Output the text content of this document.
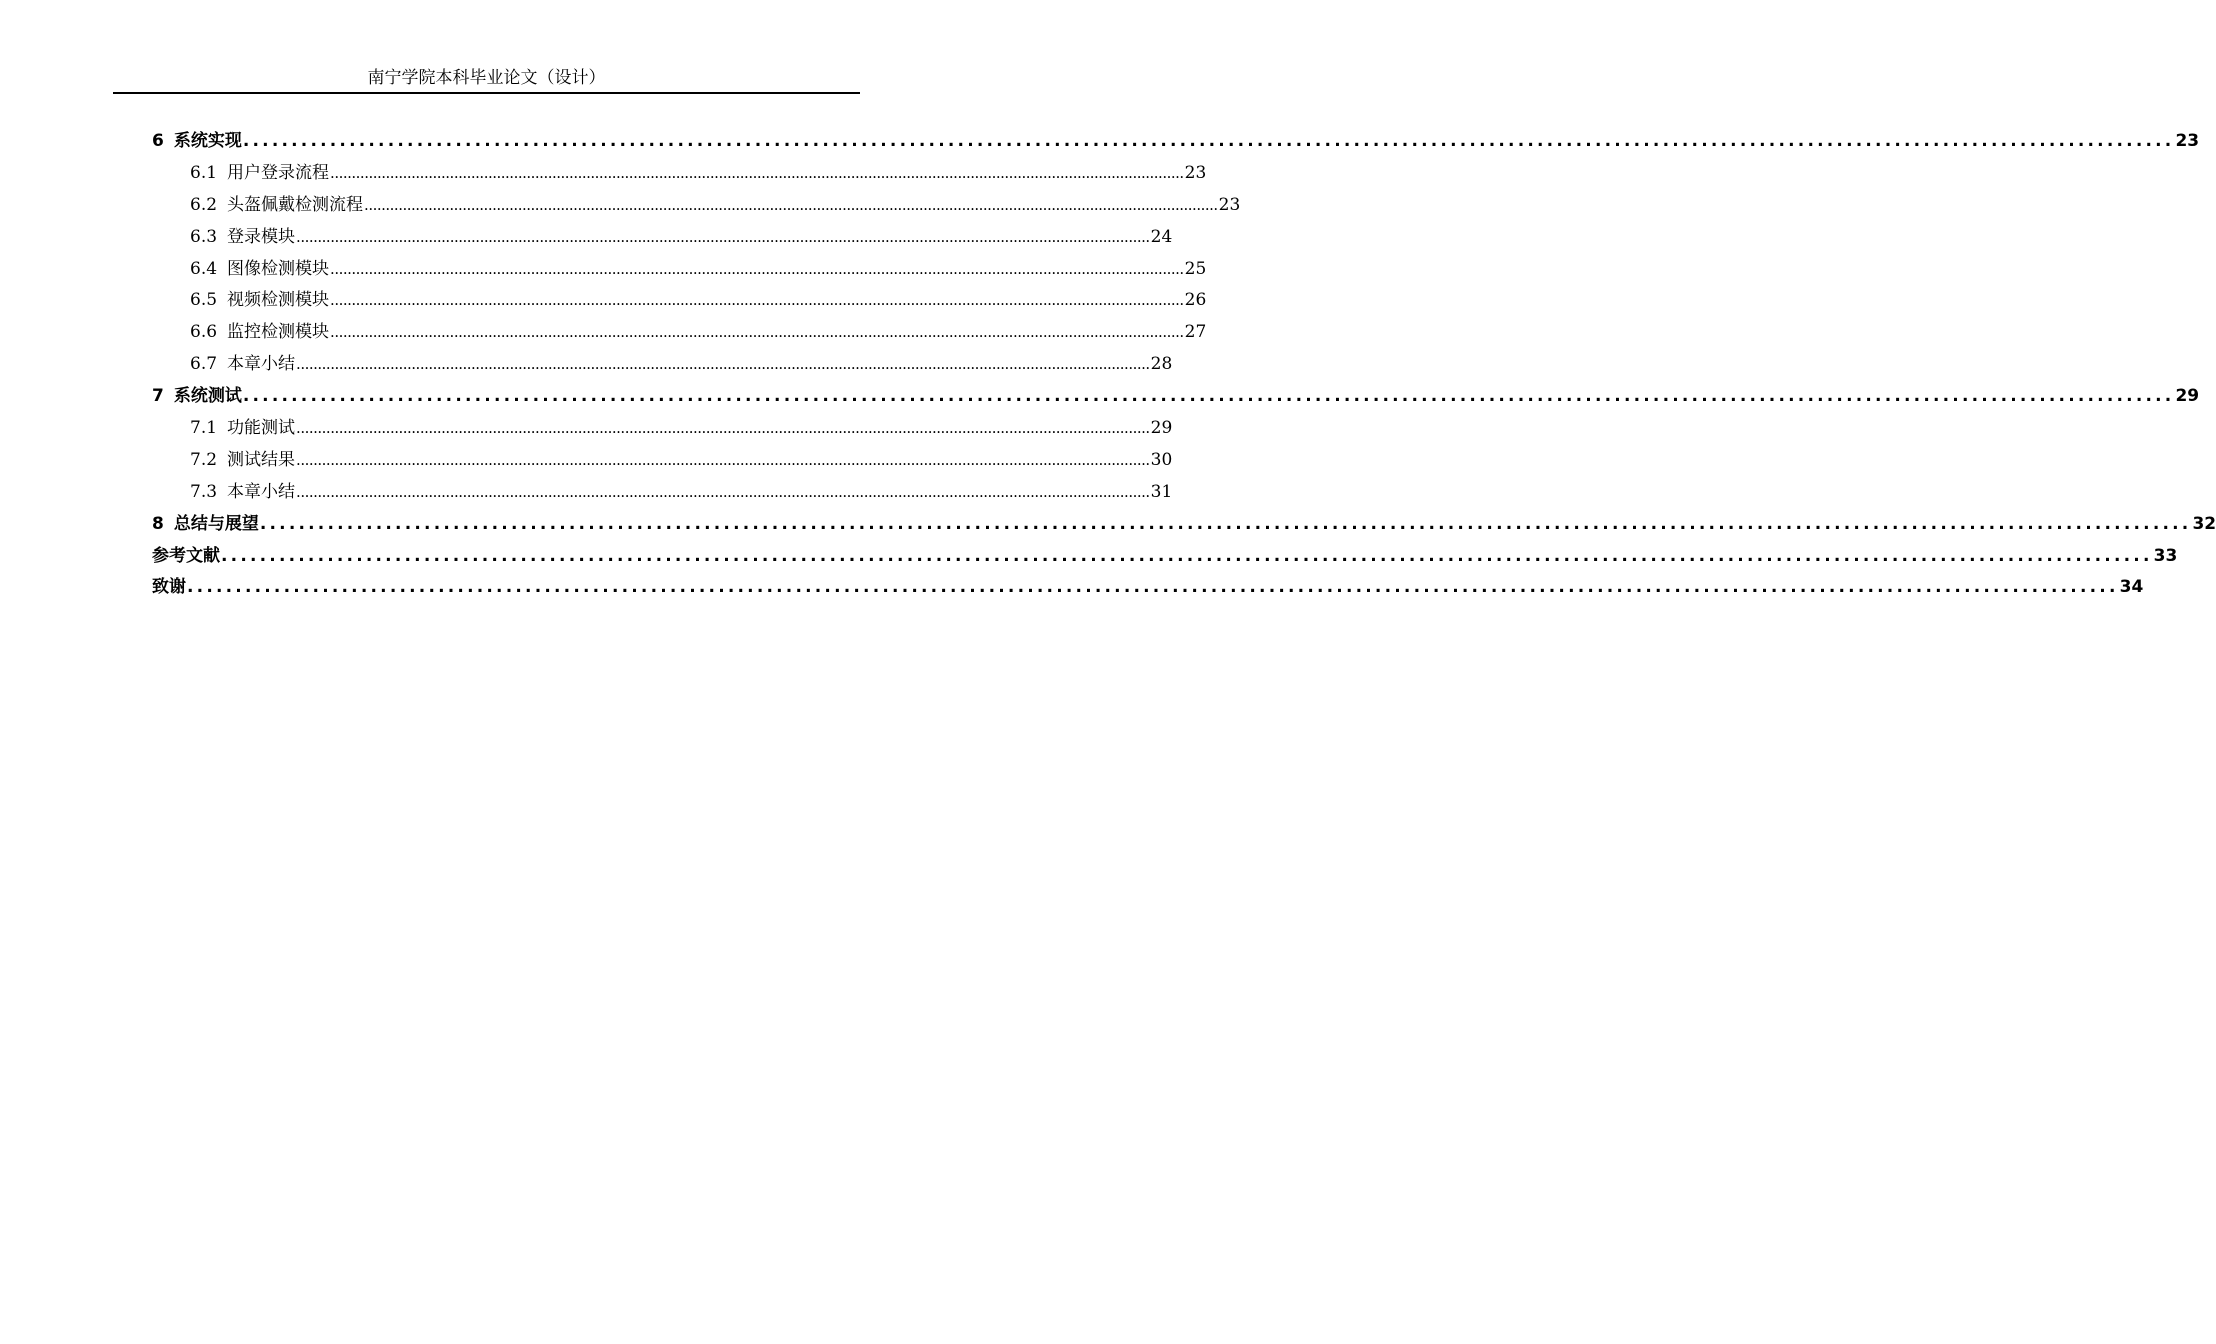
南宁学院本科毕业论文（设计）
6 系统实现 ........................................................................................................................................................................................................ 23
6.1 用户登录流程 ........................................................................................................................................................................................................ 23
6.2 头盔佩戴检测流程 ........................................................................................................................................................................................................ 23
6.3 登录模块 ........................................................................................................................................................................................................ 24
6.4 图像检测模块 ........................................................................................................................................................................................................ 25
6.5 视频检测模块 ........................................................................................................................................................................................................ 26
6.6 监控检测模块 ........................................................................................................................................................................................................ 27
6.7 本章小结 ........................................................................................................................................................................................................ 28
7 系统测试 ........................................................................................................................................................................................................ 29
7.1 功能测试 ........................................................................................................................................................................................................ 29
7.2 测试结果 ........................................................................................................................................................................................................ 30
7.3 本章小结 ........................................................................................................................................................................................................ 31
8 总结与展望 ........................................................................................................................................................................................................ 32
参考文献 ........................................................................................................................................................................................................ 33
致谢 ........................................................................................................................................................................................................ 34
